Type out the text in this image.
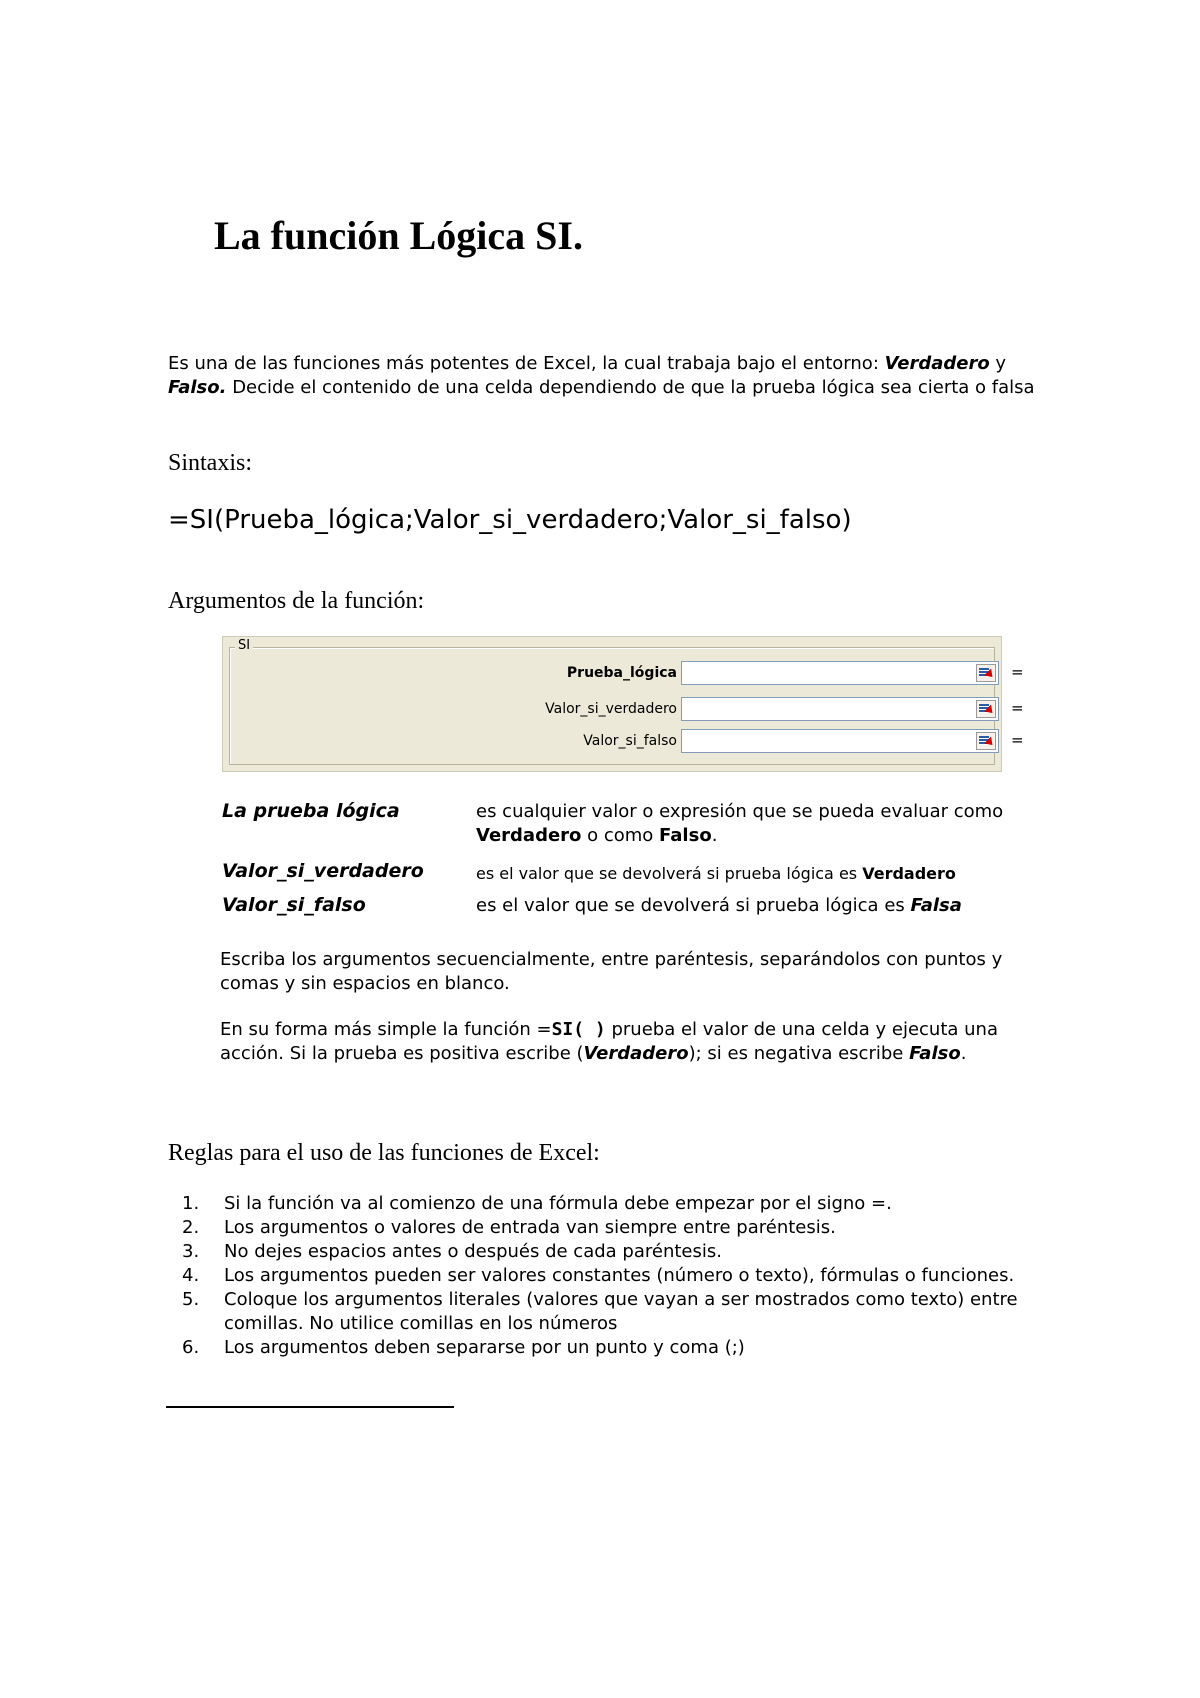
La función Lógica SI.

Es una de las funciones más potentes de Excel, la cual trabaja bajo el entorno: Verdadero y Falso. Decide el contenido de una celda dependiendo de que la prueba lógica sea cierta o falsa

Sintaxis:

=SI(Prueba_lógica;Valor_si_verdadero;Valor_si_falso)

Argumentos de la función:
SI
Prueba_lógica	= valor_lógico
Valor_si_verdadero	= cualquiera
Valor_si_falso	= cualquiera
La prueba lógica	es cualquier valor o expresión que se pueda evaluar como Verdadero o como Falso.
Valor_si_verdadero	es el valor que se devolverá si prueba lógica es Verdadero
Valor_si_falso	es el valor que se devolverá si prueba lógica es Falsa

Escriba los argumentos secuencialmente, entre paréntesis, separándolos con puntos y comas y sin espacios en blanco.

En su forma más simple la función =SI( ) prueba el valor de una celda y ejecuta una acción. Si la prueba es positiva escribe (Verdadero); si es negativa escribe Falso.

Reglas para el uso de las funciones de Excel:
1.	Si la función va al comienzo de una fórmula debe empezar por el signo =.
2.	Los argumentos o valores de entrada van siempre entre paréntesis.
3.	No dejes espacios antes o después de cada paréntesis.
4.	Los argumentos pueden ser valores constantes (número o texto), fórmulas o funciones.
5.	Coloque los argumentos literales (valores que vayan a ser mostrados como texto) entre comillas. No utilice comillas en los números
6.	Los argumentos deben separarse por un punto y coma (;)
